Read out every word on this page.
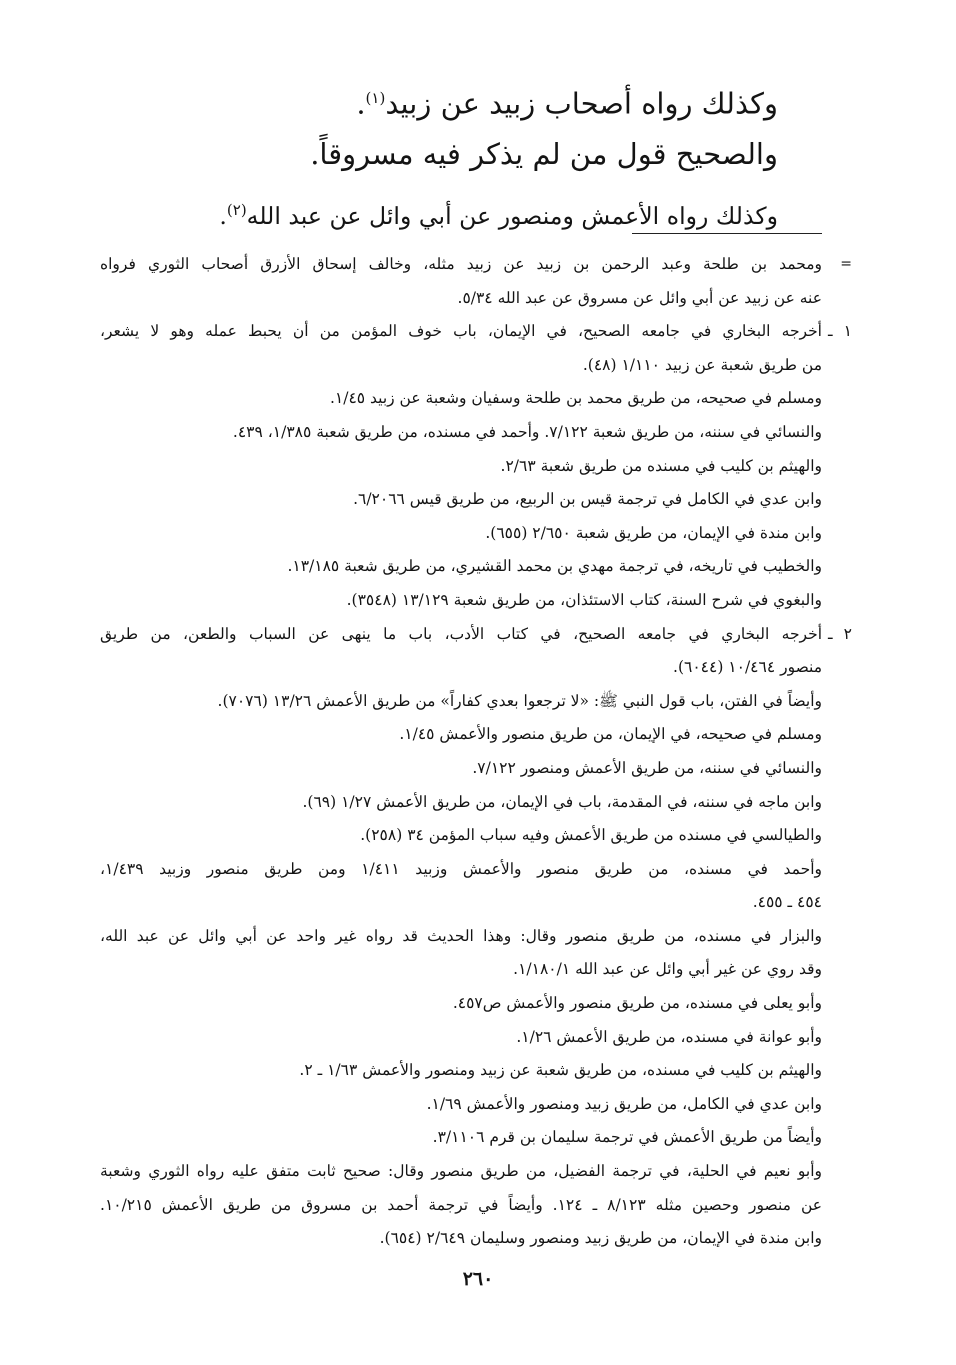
وكذلك رواه أصحاب زبيد عن زبيد$^{(١)}$.
والصحيح قول من لم يذكر فيه مسروقاً.
وكذلك رواه الأعمش ومنصور عن أبي وائل عن عبد الله$^{(٢)}$.
=
ومحمد بن طلحة وعبد الرحمن بن زبيد عن زبيد مثله، وخالف إسحاق الأزرق أصحاب الثوري فرواه
عنه عن زبيد عن أبي وائل عن مسروق عن عبد الله ٥/٣٤.
١ ـ
أخرجه البخاري في جامعه الصحيح، في الإيمان، باب خوف المؤمن من أن يحبط عمله وهو لا يشعر،
من طريق شعبة عن زبيد ١/١١٠ (٤٨).
ومسلم في صحيحه، من طريق محمد بن طلحة وسفيان وشعبة عن زبيد ١/٤٥.
والنسائي في سننه، من طريق شعبة ٧/١٢٢. وأحمد في مسنده، من طريق شعبة ١/٣٨٥، ٤٣٩.
والهيثم بن كليب في مسنده من طريق شعبة ٢/٦٣.
وابن عدي في الكامل في ترجمة قيس بن الربيع، من طريق قيس ٦/٢٠٦٦.
وابن مندة في الإيمان، من طريق شعبة ٢/٦٥٠ (٦٥٥).
والخطيب في تاريخه، في ترجمة مهدي بن محمد القشيري، من طريق شعبة ١٣/١٨٥.
والبغوي في شرح السنة، كتاب الاستئذان، من طريق شعبة ١٣/١٢٩ (٣٥٤٨).
٢ ـ
أخرجه البخاري في جامعه الصحيح، في كتاب الأدب، باب ما ينهى عن السباب والطعن، من طريق
منصور ١٠/٤٦٤ (٦٠٤٤).
وأيضاً في الفتن، باب قول النبي ﷺ: «لا ترجعوا بعدي كفاراً» من طريق الأعمش ١٣/٢٦ (٧٠٧٦).
ومسلم في صحيحه، في الإيمان، من طريق منصور والأعمش ١/٤٥.
والنسائي في سننه، من طريق الأعمش ومنصور ٧/١٢٢.
وابن ماجه في سننه، في المقدمة، باب في الإيمان، من طريق الأعمش ١/٢٧ (٦٩).
والطيالسي في مسنده من طريق الأعمش وفيه سباب المؤمن ٣٤ (٢٥٨).
وأحمد في مسنده، من طريق منصور والأعمش وزبيد ١/٤١١ ومن طريق منصور وزبيد ١/٤٣٩،
٤٥٤ ـ ٤٥٥.
والبزار في مسنده، من طريق منصور وقال: وهذا الحديث قد رواه غير واحد عن أبي وائل عن عبد الله،
وقد روي عن غير أبي وائل عن عبد الله ١/١٨٠/١.
وأبو يعلى في مسنده، من طريق منصور والأعمش ص٤٥٧.
وأبو عوانة في مسنده، من طريق الأعمش ١/٢٦.
والهيثم بن كليب في مسنده، من طريق شعبة عن زبيد ومنصور والأعمش ١/٦٣ ـ ٢.
وابن عدي في الكامل، من طريق زبيد ومنصور والأعمش ١/٦٩.
وأيضاً من طريق الأعمش في ترجمة سليمان بن قرم ٣/١١٠٦.
وأبو نعيم في الحلية، في ترجمة الفضيل، من طريق منصور وقال: صحيح ثابت متفق عليه رواه الثوري وشعبة
عن منصور وحصين مثله ٨/١٢٣ ـ ١٢٤. وأيضاً في ترجمة أحمد بن مسروق من طريق الأعمش ١٠/٢١٥.
وابن مندة في الإيمان، من طريق زبيد ومنصور وسليمان ٢/٦٤٩ (٦٥٤).
٢٦٠
